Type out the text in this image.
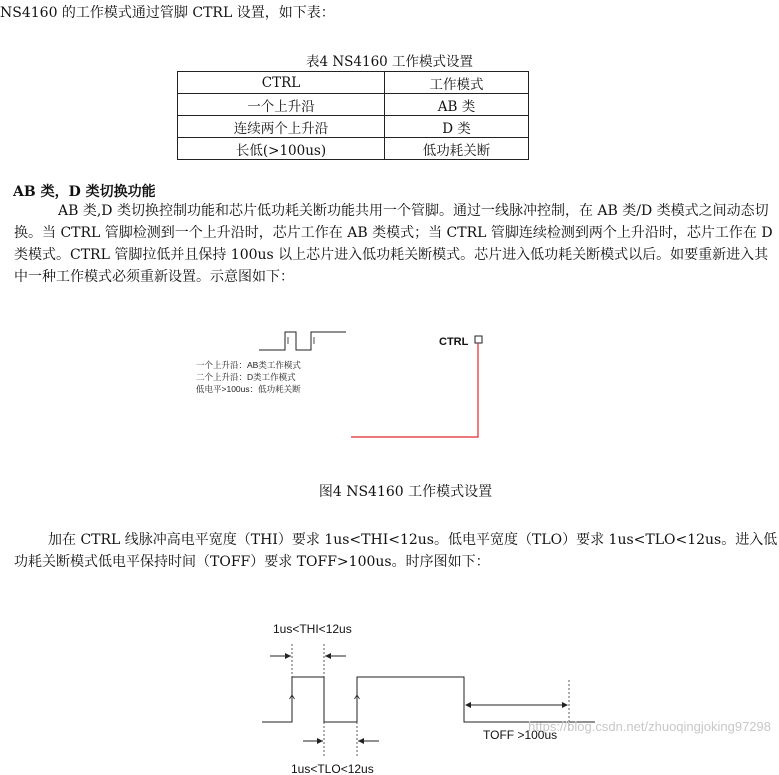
NS4160 的工作模式通过管脚 CTRL 设置，如下表：
表4 NS4160 工作模式设置
CTRL	工作模式
一个上升沿	AB 类
连续两个上升沿	D 类
长低(>100us)	低功耗关断
AB 类，D 类切换功能
AB 类,D 类切换控制功能和芯片低功耗关断功能共用一个管脚。通过一线脉冲控制，在 AB 类/D 类模式之间动态切换。当 CTRL 管脚检测到一个上升沿时，芯片工作在 AB 类模式；当 CTRL 管脚连续检测到两个上升沿时，芯片工作在 D 类模式。CTRL 管脚拉低并且保持 100us 以上芯片进入低功耗关断模式。芯片进入低功耗关断模式以后。如要重新进入其中一种工作模式必须重新设置。示意图如下：
一个上升沿：AB类工作模式
二个上升沿：D类工作模式
低电平>100us：低功耗关断
CTRL
1us<THI<12us
1us<TLO<12us
TOFF >100us
图4 NS4160 工作模式设置
加在 CTRL 线脉冲高电平宽度（THI）要求 1us<THI<12us。低电平宽度（TLO）要求 1us<TLO<12us。进入低功耗关断模式低电平保持时间（TOFF）要求 TOFF>100us。时序图如下：
https://blog.csdn.net/zhuoqingjoking97298
